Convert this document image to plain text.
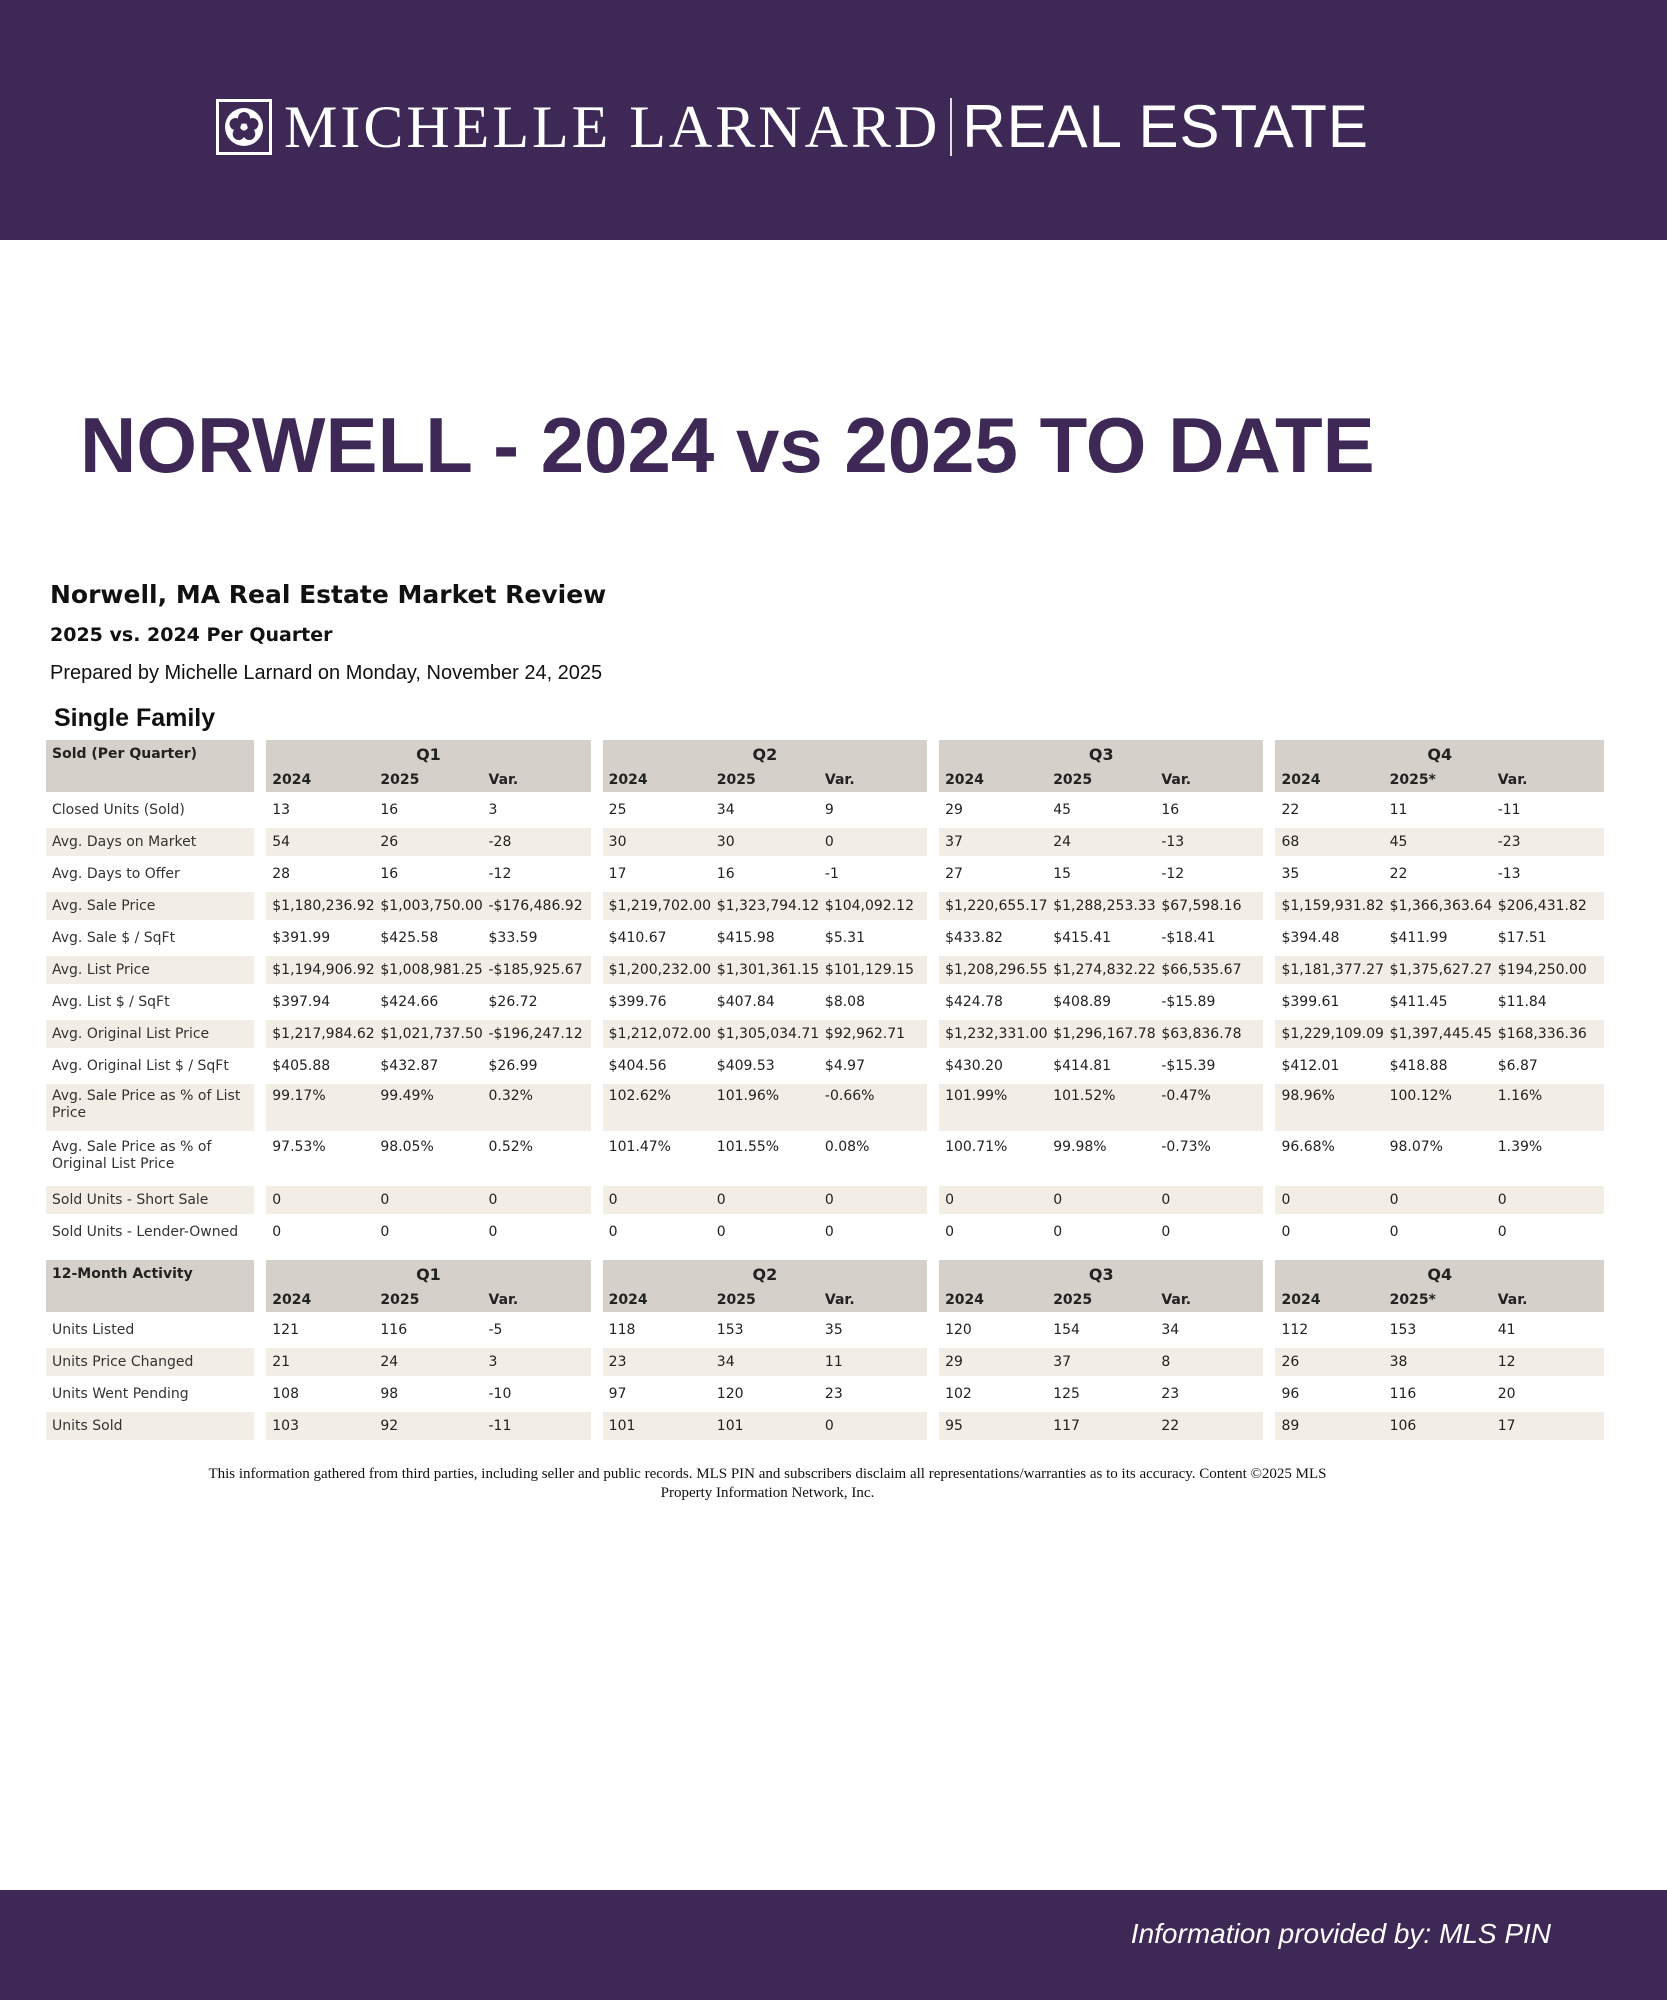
MICHELLE LARNARD REAL ESTATE
NORWELL - 2024 vs 2025 TO DATE
Norwell, MA Real Estate Market Review
2025 vs. 2024 Per Quarter
Prepared by Michelle Larnard on Monday, November 24, 2025
Single Family
Sold (Per Quarter)		Q1				Q2				Q3				Q4		
		2024	2025	Var.		2024	2025	Var.		2024	2025	Var.		2024	2025*	Var.
Closed Units (Sold)		13	16	3		25	34	9		29	45	16		22	11	-11
Avg. Days on Market		54	26	-28		30	30	0		37	24	-13		68	45	-23
Avg. Days to Offer		28	16	-12		17	16	-1		27	15	-12		35	22	-13
Avg. Sale Price		$1,180,236.92	$1,003,750.00	-$176,486.92		$1,219,702.00	$1,323,794.12	$104,092.12		$1,220,655.17	$1,288,253.33	$67,598.16		$1,159,931.82	$1,366,363.64	$206,431.82
Avg. Sale $ / SqFt		$391.99	$425.58	$33.59		$410.67	$415.98	$5.31		$433.82	$415.41	-$18.41		$394.48	$411.99	$17.51
Avg. List Price		$1,194,906.92	$1,008,981.25	-$185,925.67		$1,200,232.00	$1,301,361.15	$101,129.15		$1,208,296.55	$1,274,832.22	$66,535.67		$1,181,377.27	$1,375,627.27	$194,250.00
Avg. List $ / SqFt		$397.94	$424.66	$26.72		$399.76	$407.84	$8.08		$424.78	$408.89	-$15.89		$399.61	$411.45	$11.84
Avg. Original List Price		$1,217,984.62	$1,021,737.50	-$196,247.12		$1,212,072.00	$1,305,034.71	$92,962.71		$1,232,331.00	$1,296,167.78	$63,836.78		$1,229,109.09	$1,397,445.45	$168,336.36
Avg. Original List $ / SqFt		$405.88	$432.87	$26.99		$404.56	$409.53	$4.97		$430.20	$414.81	-$15.39		$412.01	$418.88	$6.87
Avg. Sale Price as % of List Price		99.17%	99.49%	0.32%		102.62%	101.96%	-0.66%		101.99%	101.52%	-0.47%		98.96%	100.12%	1.16%
Avg. Sale Price as % of Original List Price		97.53%	98.05%	0.52%		101.47%	101.55%	0.08%		100.71%	99.98%	-0.73%		96.68%	98.07%	1.39%
Sold Units - Short Sale		0	0	0		0	0	0		0	0	0		0	0	0
Sold Units - Lender-Owned		0	0	0		0	0	0		0	0	0		0	0	0
12-Month Activity		Q1				Q2				Q3				Q4		
		2024	2025	Var.		2024	2025	Var.		2024	2025	Var.		2024	2025*	Var.
Units Listed		121	116	-5		118	153	35		120	154	34		112	153	41
Units Price Changed		21	24	3		23	34	11		29	37	8		26	38	12
Units Went Pending		108	98	-10		97	120	23		102	125	23		96	116	20
Units Sold		103	92	-11		101	101	0		95	117	22		89	106	17
This information gathered from third parties, including seller and public records. MLS PIN and subscribers disclaim all representations/warranties as to its accuracy. Content ©2025 MLS Property Information Network, Inc.
Information provided by: MLS PIN
